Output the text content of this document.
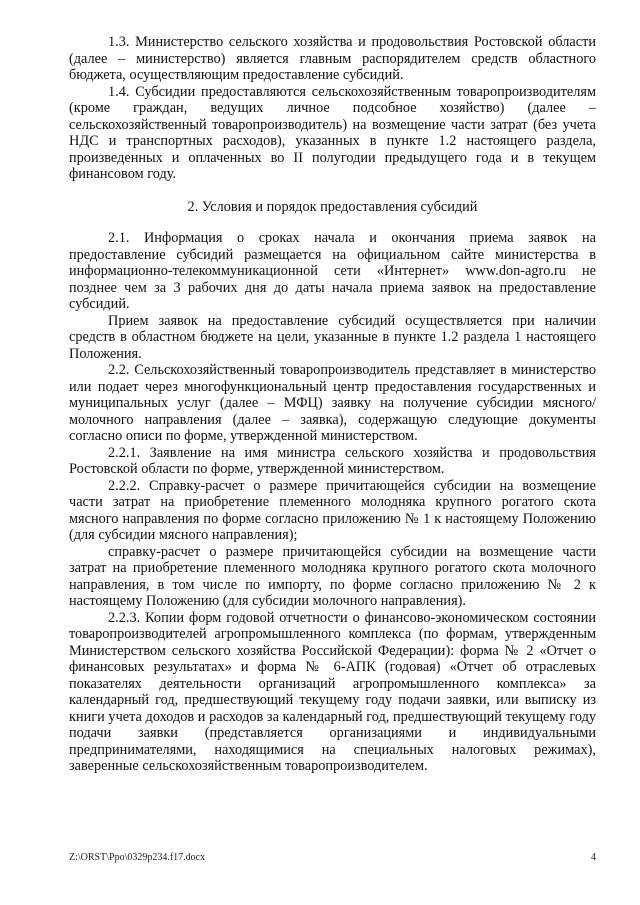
1.3. Министерство сельского хозяйства и продовольствия Ростовской области (далее – министерство) является главным распорядителем средств областного бюджета, осуществляющим предоставление субсидий.

1.4. Субсидии предоставляются сельскохозяйственным товаропроизводителям (кроме граждан, ведущих личное подсобное хозяйство) (далее – сельскохозяйственный товаропроизводитель) на возмещение части затрат (без учета НДС и транспортных расходов), указанных в пункте 1.2 настоящего раздела, произведенных и оплаченных во II полугодии предыдущего года и в текущем финансовом году.

2. Условия и порядок предоставления субсидий

2.1. Информация о сроках начала и окончания приема заявок на предоставление субсидий размещается на официальном сайте министерства в информационно-телекоммуникационной сети «Интернет» www.don-agro.ru не позднее чем за 3 рабочих дня до даты начала приема заявок на предоставление субсидий.

Прием заявок на предоставление субсидий осуществляется при наличии средств в областном бюджете на цели, указанные в пункте 1.2 раздела 1 настоящего Положения.

2.2. Сельскохозяйственный товаропроизводитель представляет в министерство или подает через многофункциональный центр предоставления государственных и муниципальных услуг (далее – МФЦ) заявку на получение субсидии мясного/молочного направления (далее – заявка), содержащую следующие документы согласно описи по форме, утвержденной министерством.

2.2.1. Заявление на имя министра сельского хозяйства и продовольствия Ростовской области по форме, утвержденной министерством.

2.2.2. Справку-расчет о размере причитающейся субсидии на возмещение части затрат на приобретение племенного молодняка крупного рогатого скота мясного направления по форме согласно приложению № 1 к настоящему Положению (для субсидии мясного направления);

справку-расчет о размере причитающейся субсидии на возмещение части затрат на приобретение племенного молодняка крупного рогатого скота молочного направления, в том числе по импорту, по форме согласно приложению № 2 к настоящему Положению (для субсидии молочного направления).

2.2.3. Копии форм годовой отчетности о финансово-экономическом состоянии товаропроизводителей агропромышленного комплекса (по формам, утвержденным Министерством сельского хозяйства Российской Федерации): форма № 2 «Отчет о финансовых результатах» и форма № 6-АПК (годовая) «Отчет об отраслевых показателях деятельности организаций агропромышленного комплекса» за календарный год, предшествующий текущему году подачи заявки, или выписку из книги учета доходов и расходов за календарный год, предшествующий текущему году подачи заявки (представляется организациями и индивидуальными предпринимателями, находящимися на специальных налоговых режимах), заверенные сельскохозяйственным товаропроизводителем.

Z:\ORST\Ppo\0329p234.f17.docx	4
